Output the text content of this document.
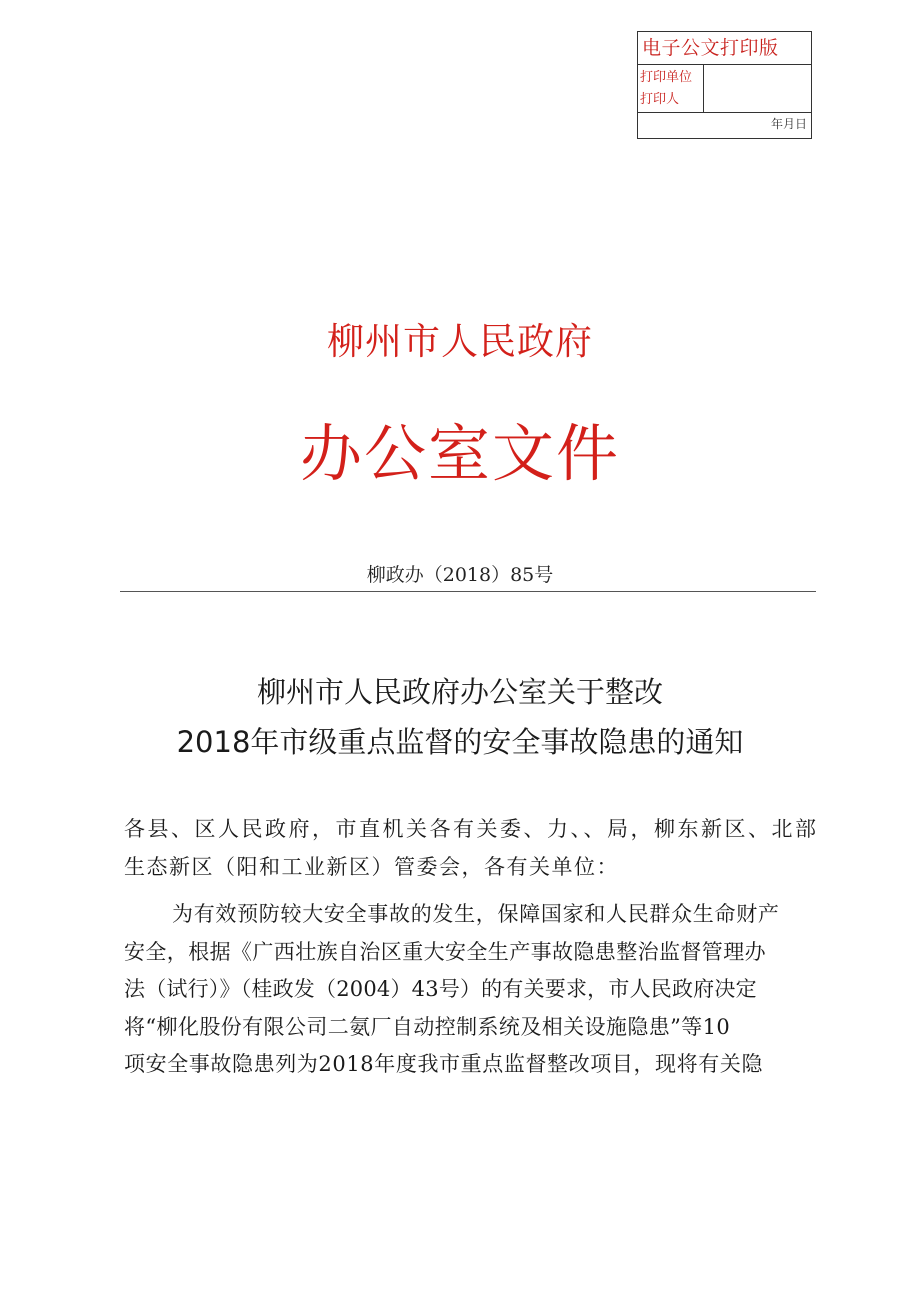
电子公文打印版
打印单位
打印人
年月日
柳州市人民政府
办公室文件
柳政办（2018）85号
柳州市人民政府办公室关于整改
2018年市级重点监督的安全事故隐患的通知
各县、区人民政府，市直机关各有关委、力、、局，柳东新区、北部
生态新区（阳和工业新区）管委会，各有关单位：
为有效预防较大安全事故的发生，保障国家和人民群众生命财产
安全，根据《广西壮族自治区重大安全生产事故隐患整治监督管理办
法（试行）》（桂政发（2004）43号）的有关要求，市人民政府决定
将“柳化股份有限公司二氨厂自动控制系统及相关设施隐患”等10
项安全事故隐患列为2018年度我市重点监督整改项目，现将有关隐
